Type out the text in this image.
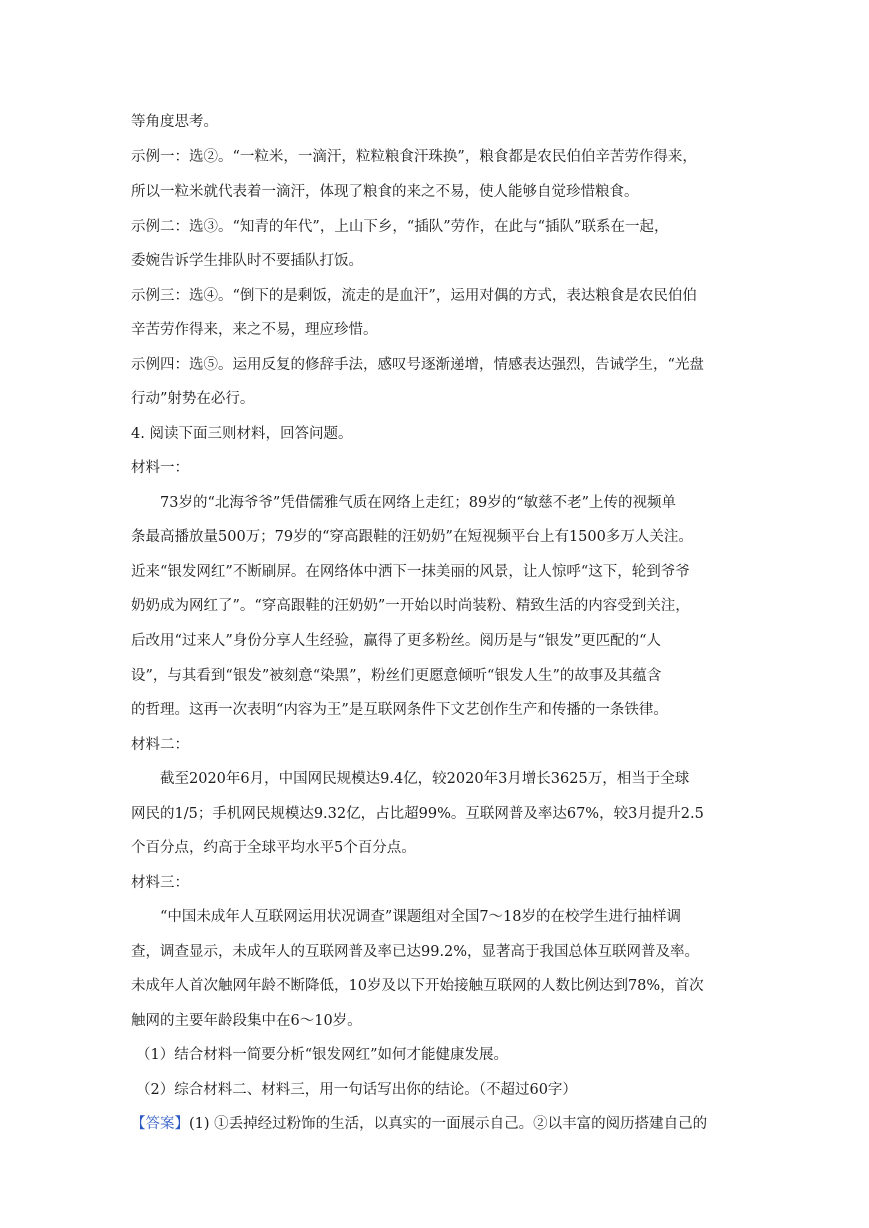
等角度思考。

示例一：选②。“一粒米，一滴汗，粒粒粮食汗珠换”，粮食都是农民伯伯辛苦劳作得来，

所以一粒米就代表着一滴汗，体现了粮食的来之不易，使人能够自觉珍惜粮食。

示例二：选③。“知青的年代”，上山下乡，“插队”劳作，在此与“插队”联系在一起，

委婉告诉学生排队时不要插队打饭。

示例三：选④。“倒下的是剩饭，流走的是血汗”，运用对偶的方式，表达粮食是农民伯伯

辛苦劳作得来，来之不易，理应珍惜。

示例四：选⑤。运用反复的修辞手法，感叹号逐渐递增，情感表达强烈，告诫学生，“光盘

行动”射势在必行。

4. 阅读下面三则材料，回答问题。

材料一：

73岁的“北海爷爷”凭借儒雅气质在网络上走红；89岁的“敏慈不老”上传的视频单

条最高播放量500万；79岁的“穿高跟鞋的汪奶奶”在短视频平台上有1500多万人关注。

近来“银发网红”不断刷屏。在网络体中洒下一抹美丽的风景，让人惊呼“这下，轮到爷爷

奶奶成为网红了”。“穿高跟鞋的汪奶奶”一开始以时尚装粉、精致生活的内容受到关注，

后改用“过来人”身份分享人生经验，赢得了更多粉丝。阅历是与“银发”更匹配的“人

设”，与其看到“银发”被刻意“染黑”，粉丝们更愿意倾听“银发人生”的故事及其蕴含

的哲理。这再一次表明“内容为王”是互联网条件下文艺创作生产和传播的一条铁律。

材料二：

截至2020年6月，中国网民规模达9.4亿，较2020年3月增长3625万，相当于全球

网民的1/5；手机网民规模达9.32亿，占比超99%。互联网普及率达67%，较3月提升2.5

个百分点，约高于全球平均水平5个百分点。

材料三：

“中国未成年人互联网运用状况调查”课题组对全国7～18岁的在校学生进行抽样调

查，调查显示，未成年人的互联网普及率已达99.2%，显著高于我国总体互联网普及率。

未成年人首次触网年龄不断降低，10岁及以下开始接触互联网的人数比例达到78%，首次

触网的主要年龄段集中在6～10岁。

（1）结合材料一简要分析“银发网红”如何才能健康发展。

（2）综合材料二、材料三，用一句话写出你的结论。（不超过60字）

【答案】(1) ①丢掉经过粉饰的生活，以真实的一面展示自己。②以丰富的阅历搭建自己的
